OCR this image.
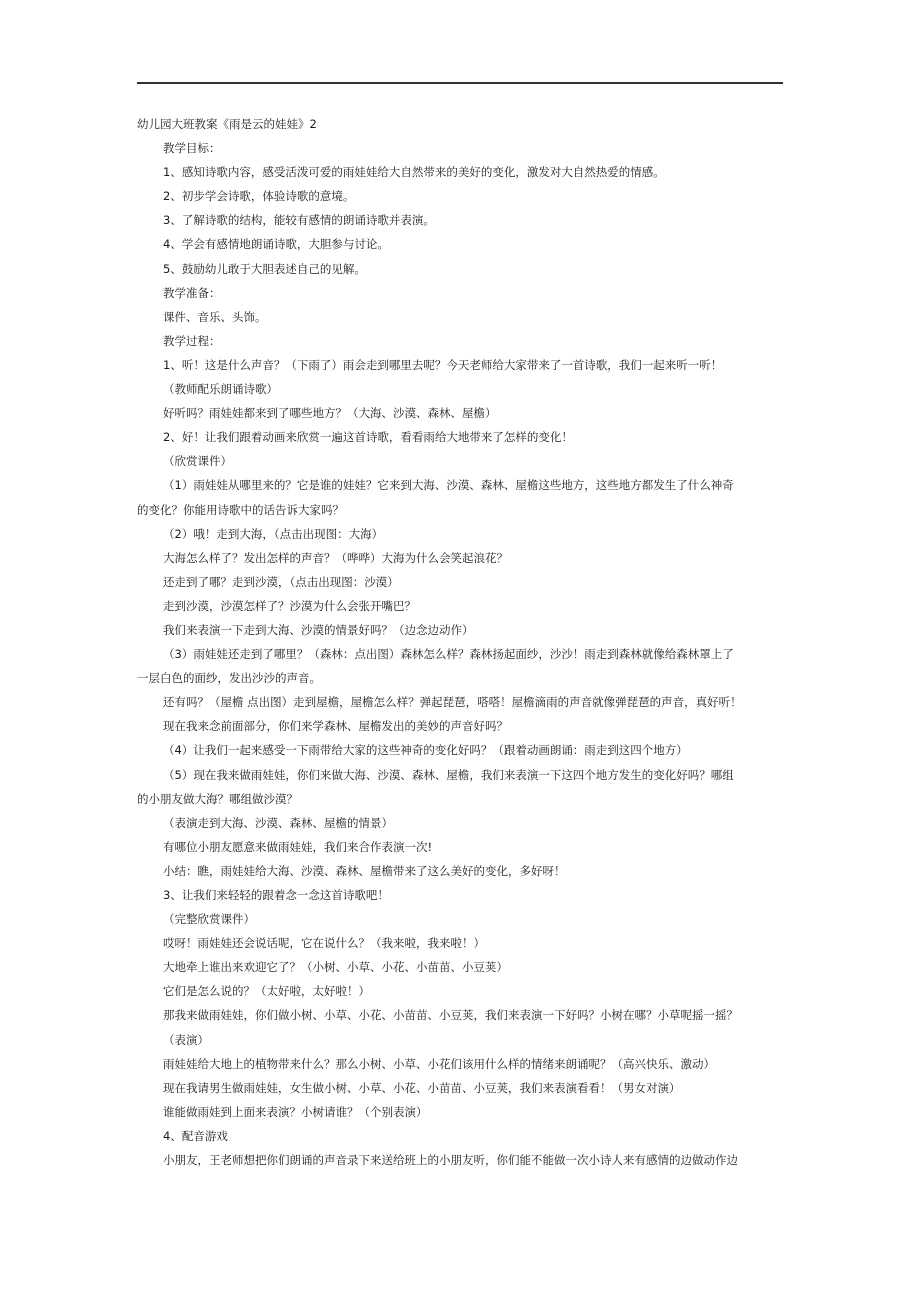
幼儿园大班教案《雨是云的娃娃》2
教学目标：
1、感知诗歌内容，感受活泼可爱的雨娃娃给大自然带来的美好的变化，激发对大自然热爱的情感。
2、初步学会诗歌，体验诗歌的意境。
3、了解诗歌的结构，能较有感情的朗诵诗歌并表演。
4、学会有感情地朗诵诗歌，大胆参与讨论。
5、鼓励幼儿敢于大胆表述自己的见解。
教学准备：
课件、音乐、头饰。
教学过程：
1、听！这是什么声音？（下雨了）雨会走到哪里去呢？今天老师给大家带来了一首诗歌，我们一起来听一听！
（教师配乐朗诵诗歌）
好听吗？雨娃娃都来到了哪些地方？（大海、沙漠、森林、屋檐）
2、好！让我们跟着动画来欣赏一遍这首诗歌，看看雨给大地带来了怎样的变化！
（欣赏课件）
（1）雨娃娃从哪里来的？它是谁的娃娃？它来到大海、沙漠、森林、屋檐这些地方，这些地方都发生了什么神奇
的变化？你能用诗歌中的话告诉大家吗？
（2）哦！走到大海，（点击出现图：大海）
大海怎么样了？发出怎样的声音？（哗哗）大海为什么会笑起浪花？
还走到了哪？走到沙漠，（点击出现图：沙漠）
走到沙漠，沙漠怎样了？沙漠为什么会张开嘴巴？
我们来表演一下走到大海、沙漠的情景好吗？（边念边动作）
（3）雨娃娃还走到了哪里？（森林：点出图）森林怎么样？森林扬起面纱，沙沙！雨走到森林就像给森林罩上了
一层白色的面纱，发出沙沙的声音。
还有吗？（屋檐 点出图）走到屋檐，屋檐怎么样？弹起琵琶，嗒嗒！屋檐滴雨的声音就像弹琵琶的声音，真好听！
现在我来念前面部分，你们来学森林、屋檐发出的美妙的声音好吗？
（4）让我们一起来感受一下雨带给大家的这些神奇的变化好吗？（跟着动画朗诵：雨走到这四个地方）
（5）现在我来做雨娃娃，你们来做大海、沙漠、森林、屋檐，我们来表演一下这四个地方发生的变化好吗？哪组
的小朋友做大海？哪组做沙漠？
（表演走到大海、沙漠、森林、屋檐的情景）
有哪位小朋友愿意来做雨娃娃，我们来合作表演一次!
小结：瞧，雨娃娃给大海、沙漠、森林、屋檐带来了这么美好的变化，多好呀！
3、让我们来轻轻的跟着念一念这首诗歌吧！
（完整欣赏课件）
哎呀！雨娃娃还会说话呢，它在说什么？（我来啦，我来啦！）
大地牵上谁出来欢迎它了？（小树、小草、小花、小苗苗、小豆荚）
它们是怎么说的？（太好啦，太好啦！）
那我来做雨娃娃，你们做小树、小草、小花、小苗苗、小豆荚，我们来表演一下好吗？小树在哪？小草呢摇一摇？
（表演）
雨娃娃给大地上的植物带来什么？那么小树、小草、小花们该用什么样的情绪来朗诵呢？（高兴快乐、激动）
现在我请男生做雨娃娃，女生做小树、小草、小花、小苗苗、小豆荚，我们来表演看看！（男女对演）
谁能做雨娃到上面来表演？小树请谁？（个别表演）
4、配音游戏
小朋友，王老师想把你们朗诵的声音录下来送给班上的小朋友听，你们能不能做一次小诗人来有感情的边做动作边
